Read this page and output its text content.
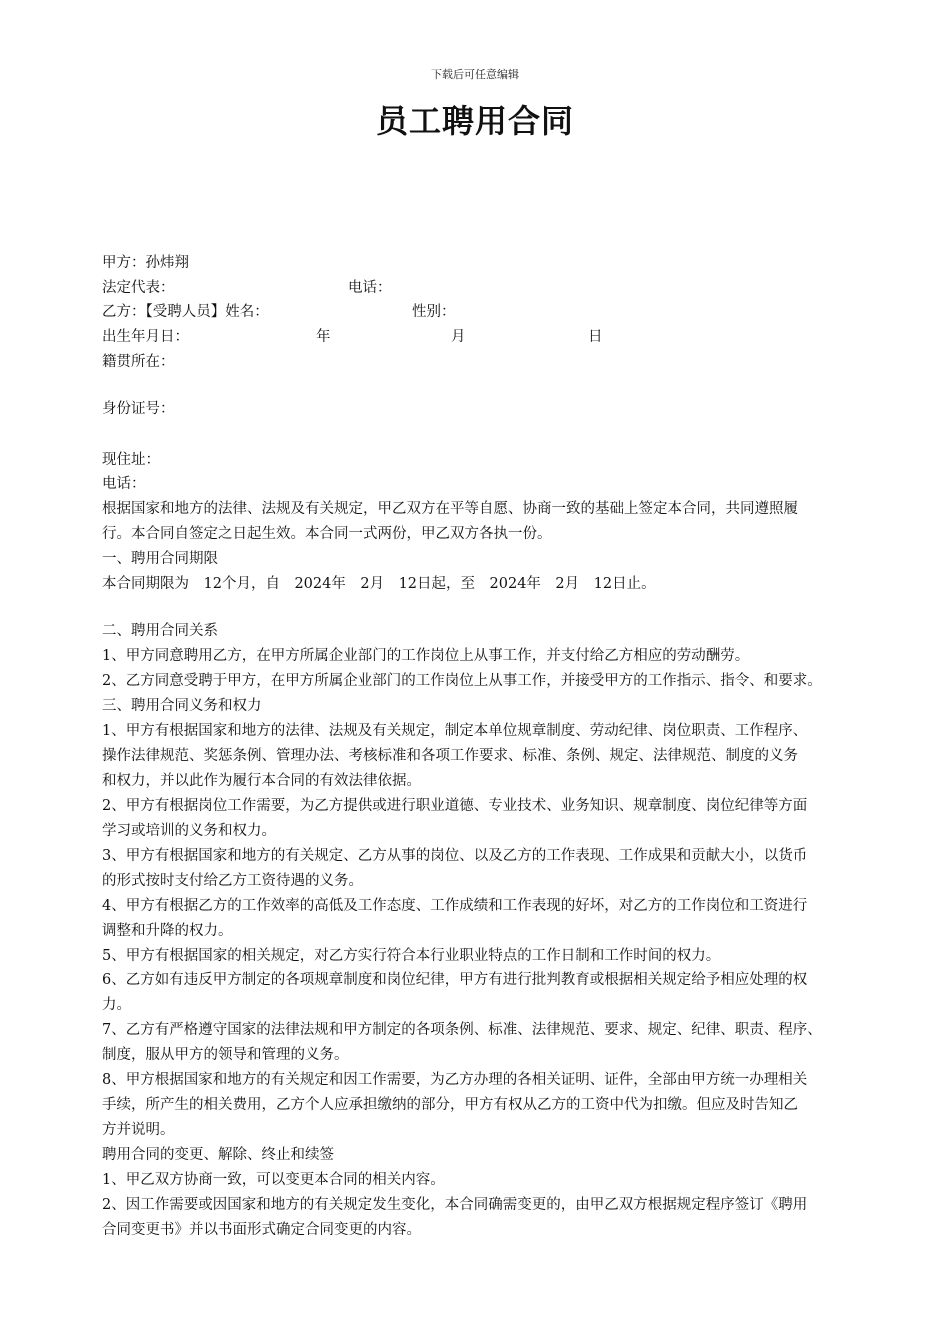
下载后可任意编辑
员工聘用合同
甲方：孙炜翔
法定代表：	电话：
乙方：【受聘人员】姓名：	性别：
出生年月日：	年	月	日
籍贯所在：
身份证号：
现住址：
电话：
根据国家和地方的法律、法规及有关规定，甲乙双方在平等自愿、协商一致的基础上签定本合同，共同遵照履
行。本合同自签定之日起生效。本合同一式两份，甲乙双方各执一份。
一、聘用合同期限
本合同期限为　12个月，自　2024年　2月　12日起，至　2024年　2月　12日止。
二、聘用合同关系
1、甲方同意聘用乙方，在甲方所属企业部门的工作岗位上从事工作，并支付给乙方相应的劳动酬劳。
2、乙方同意受聘于甲方，在甲方所属企业部门的工作岗位上从事工作，并接受甲方的工作指示、指令、和要求。
三、聘用合同义务和权力
1、甲方有根据国家和地方的法律、法规及有关规定，制定本单位规章制度、劳动纪律、岗位职责、工作程序、
操作法律规范、奖惩条例、管理办法、考核标准和各项工作要求、标准、条例、规定、法律规范、制度的义务
和权力，并以此作为履行本合同的有效法律依据。
2、甲方有根据岗位工作需要，为乙方提供或进行职业道德、专业技术、业务知识、规章制度、岗位纪律等方面
学习或培训的义务和权力。
3、甲方有根据国家和地方的有关规定、乙方从事的岗位、以及乙方的工作表现、工作成果和贡献大小，以货币
的形式按时支付给乙方工资待遇的义务。
4、甲方有根据乙方的工作效率的高低及工作态度、工作成绩和工作表现的好坏，对乙方的工作岗位和工资进行
调整和升降的权力。
5、甲方有根据国家的相关规定，对乙方实行符合本行业职业特点的工作日制和工作时间的权力。
6、乙方如有违反甲方制定的各项规章制度和岗位纪律，甲方有进行批判教育或根据相关规定给予相应处理的权
力。
7、乙方有严格遵守国家的法律法规和甲方制定的各项条例、标准、法律规范、要求、规定、纪律、职责、程序、
制度，服从甲方的领导和管理的义务。
8、甲方根据国家和地方的有关规定和因工作需要，为乙方办理的各相关证明、证件，全部由甲方统一办理相关
手续，所产生的相关费用，乙方个人应承担缴纳的部分，甲方有权从乙方的工资中代为扣缴。但应及时告知乙
方并说明。
聘用合同的变更、解除、终止和续签
1、甲乙双方协商一致，可以变更本合同的相关内容。
2、因工作需要或因国家和地方的有关规定发生变化，本合同确需变更的，由甲乙双方根据规定程序签订《聘用
合同变更书》并以书面形式确定合同变更的内容。
